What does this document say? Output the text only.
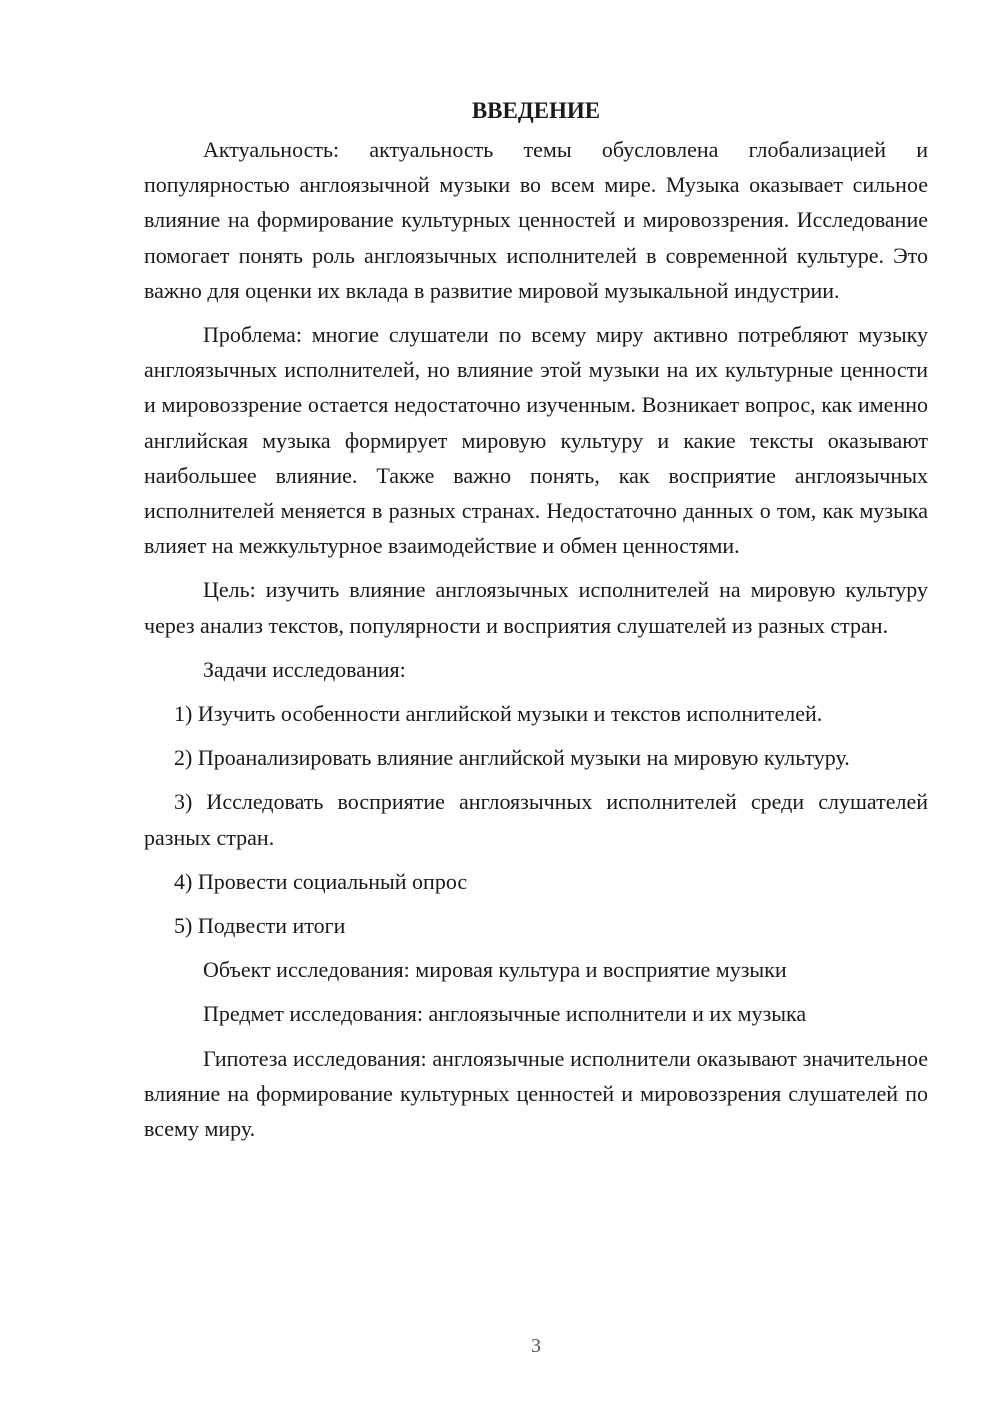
ВВЕДЕНИЕ

Актуальность: актуальность темы обусловлена глобализацией и популярностью англоязычной музыки во всем мире. Музыка оказывает сильное влияние на формирование культурных ценностей и мировоззрения. Исследование помогает понять роль англоязычных исполнителей в современной культуре. Это важно для оценки их вклада в развитие мировой музыкальной индустрии.

Проблема: многие слушатели по всему миру активно потребляют музыку англоязычных исполнителей, но влияние этой музыки на их культурные ценности и мировоззрение остается недостаточно изученным. Возникает вопрос, как именно английская музыка формирует мировую культуру и какие тексты оказывают наибольшее влияние. Также важно понять, как восприятие англоязычных исполнителей меняется в разных странах. Недостаточно данных о том, как музыка влияет на межкультурное взаимодействие и обмен ценностями.

Цель: изучить влияние англоязычных исполнителей на мировую культуру через анализ текстов, популярности и восприятия слушателей из разных стран.

Задачи исследования:

1) Изучить особенности английской музыки и текстов исполнителей.

2) Проанализировать влияние английской музыки на мировую культуру.

3) Исследовать восприятие англоязычных исполнителей среди слушателей разных стран.

4) Провести социальный опрос

5) Подвести итоги

Объект исследования: мировая культура и восприятие музыки

Предмет исследования: англоязычные исполнители и их музыка

Гипотеза исследования: англоязычные исполнители оказывают значительное влияние на формирование культурных ценностей и мировоззрения слушателей по всему миру.

3
